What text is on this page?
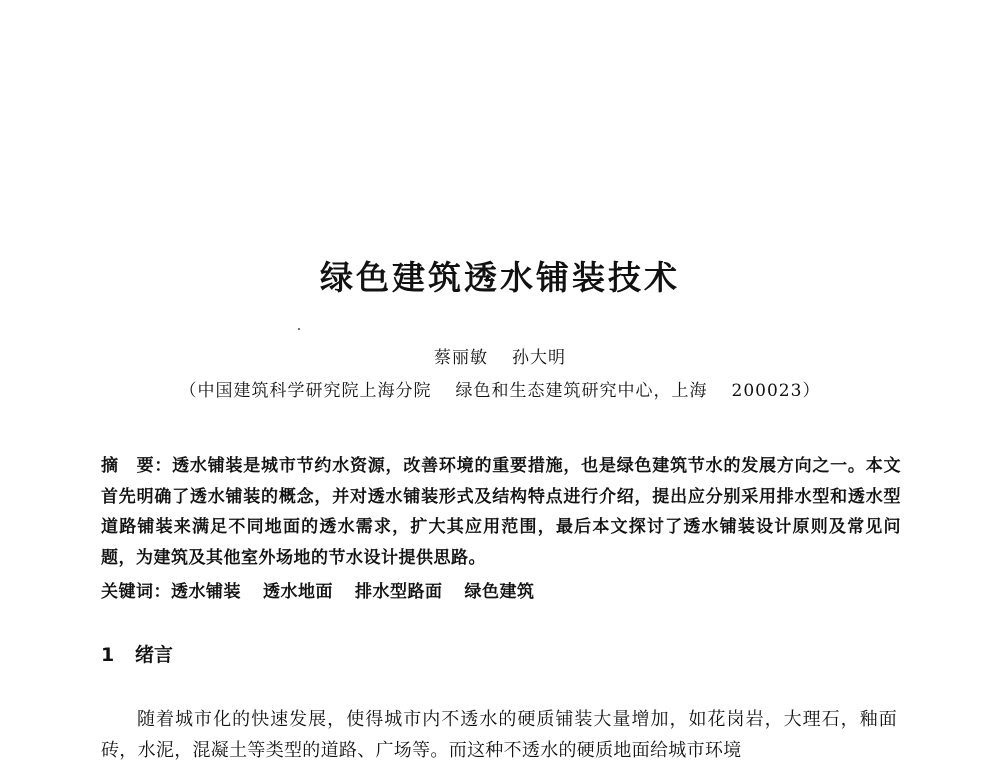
绿色建筑透水铺装技术
蔡丽敏 孙大明
（中国建筑科学研究院上海分院 绿色和生态建筑研究中心，上海 200023）

摘　要：透水铺装是城市节约水资源，改善环境的重要措施，也是绿色建筑节水的发展方向之一。本文首先明确了透水铺装的概念，并对透水铺装形式及结构特点进行介绍，提出应分别采用排水型和透水型道路铺装来满足不同地面的透水需求，扩大其应用范围，最后本文探讨了透水铺装设计原则及常见问题，为建筑及其他室外场地的节水设计提供思路。

关键词：透水铺装 透水地面 排水型路面 绿色建筑

1 绪言

随着城市化的快速发展，使得城市内不透水的硬质铺装大量增加，如花岗岩，大理石，釉面砖，水泥，混凝土等类型的道路、广场等。而这种不透水的硬质地面给城市环境
